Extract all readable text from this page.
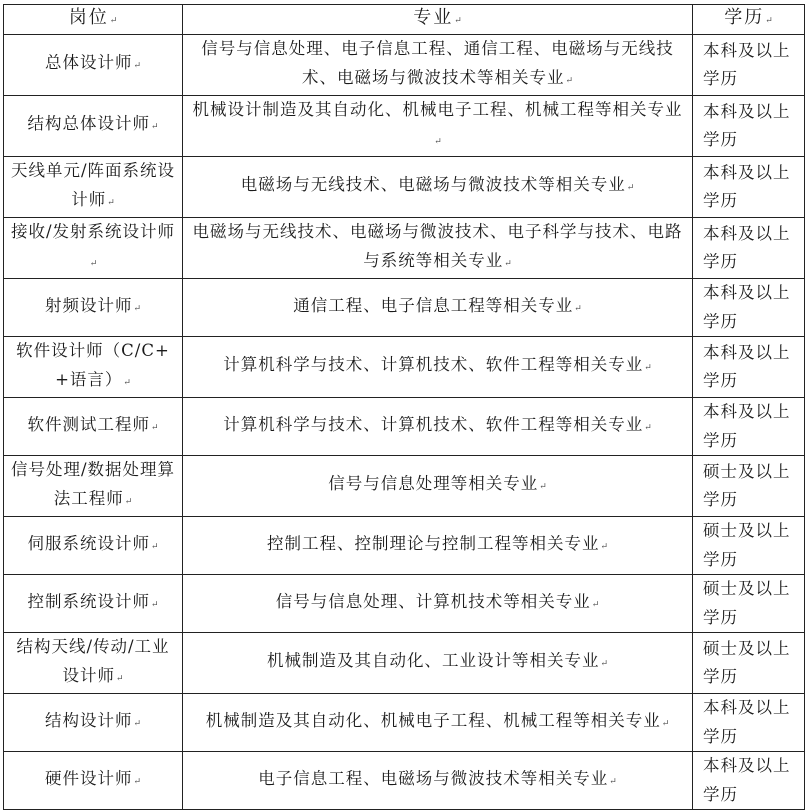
岗位 ↵	专业 ↵	学历 ↵
总体设计师 ↵	信号与信息处理、电子信息工程、通信工程、电磁场与无线技术、电磁场与微波技术等相关专业 ↵	本科及以上学历
结构总体设计师 ↵	机械设计制造及其自动化、机械电子工程、机械工程等相关专业 ↵	本科及以上学历
天线单元/阵面系统设计师 ↵	电磁场与无线技术、电磁场与微波技术等相关专业 ↵	本科及以上学历
接收/发射系统设计师 ↵	电磁场与无线技术、电磁场与微波技术、电子科学与技术、电路与系统等相关专业 ↵	本科及以上学历
射频设计师 ↵	通信工程、电子信息工程等相关专业 ↵	本科及以上学历
软件设计师（C/C++语言） ↵	计算机科学与技术、计算机技术、软件工程等相关专业 ↵	本科及以上学历
软件测试工程师 ↵	计算机科学与技术、计算机技术、软件工程等相关专业 ↵	本科及以上学历
信号处理/数据处理算法工程师 ↵	信号与信息处理等相关专业 ↵	硕士及以上学历
伺服系统设计师 ↵	控制工程、控制理论与控制工程等相关专业 ↵	硕士及以上学历
控制系统设计师 ↵	信号与信息处理、计算机技术等相关专业 ↵	硕士及以上学历
结构天线/传动/工业设计师 ↵	机械制造及其自动化、工业设计等相关专业 ↵	硕士及以上学历
结构设计师 ↵	机械制造及其自动化、机械电子工程、机械工程等相关专业 ↵	本科及以上学历
硬件设计师 ↵	电子信息工程、电磁场与微波技术等相关专业 ↵	本科及以上学历
